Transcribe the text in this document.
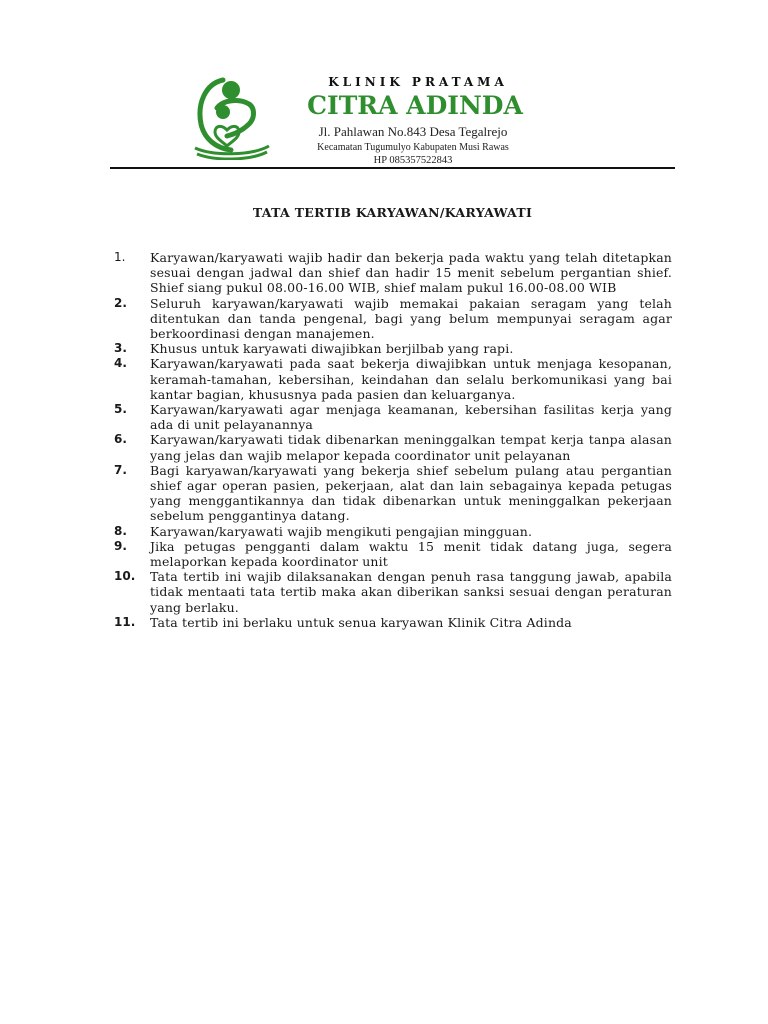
KLINIK PRATAMA

CITRA ADINDA

Jl. Pahlawan No.843 Desa Tegalrejo

Kecamatan Tugumulyo Kabupaten Musi Rawas

HP 085357522843

TATA TERTIB KARYAWAN/KARYAWATI
1.	Karyawan/karyawati wajib hadir dan bekerja pada waktu yang telah ditetapkan sesuai dengan jadwal dan shief dan hadir 15 menit sebelum pergantian shief. Shief siang pukul 08.00-16.00 WIB, shief malam pukul 16.00-08.00 WIB
2.	Seluruh karyawan/karyawati wajib memakai pakaian seragam yang telah ditentukan dan tanda pengenal, bagi yang belum mempunyai seragam agar berkoordinasi dengan manajemen.
3.	Khusus untuk karyawati diwajibkan berjilbab yang rapi.
4.	Karyawan/karyawati pada saat bekerja diwajibkan untuk menjaga kesopanan, keramah-tamahan, kebersihan, keindahan dan selalu berkomunikasi yang bai kantar bagian, khususnya pada pasien dan keluarganya.
5.	Karyawan/karyawati agar menjaga keamanan, kebersihan fasilitas kerja yang ada di unit pelayanannya
6.	Karyawan/karyawati tidak dibenarkan meninggalkan tempat kerja tanpa alasan yang jelas dan wajib melapor kepada coordinator unit pelayanan
7.	Bagi karyawan/karyawati yang bekerja shief sebelum pulang atau pergantian shief agar operan pasien, pekerjaan, alat dan lain sebagainya kepada petugas yang menggantikannya dan tidak dibenarkan untuk meninggalkan pekerjaan sebelum penggantinya datang.
8.	Karyawan/karyawati wajib mengikuti pengajian mingguan.
9.	Jika petugas pengganti dalam waktu 15 menit tidak datang juga, segera melaporkan kepada koordinator unit
10.	Tata tertib ini wajib dilaksanakan dengan penuh rasa tanggung jawab, apabila tidak mentaati tata tertib maka akan diberikan sanksi sesuai dengan peraturan yang berlaku.
11.	Tata tertib ini berlaku untuk senua karyawan Klinik Citra Adinda
